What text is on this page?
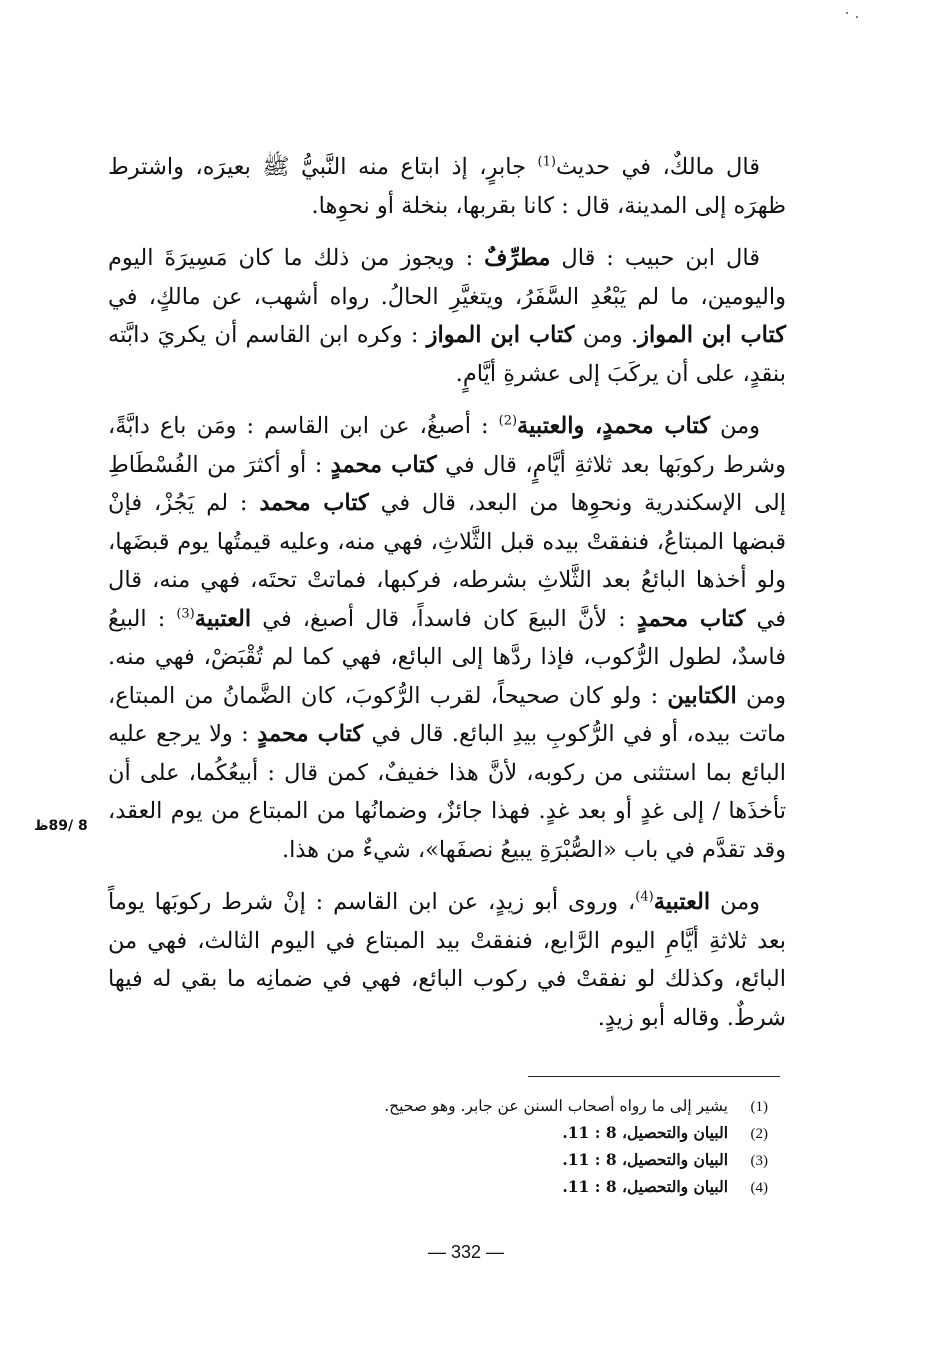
قال مالكٌ، في حديث$^{(1)}$ جابرٍ، إذ ابتاع منه النَّبيُّ ﷺ بعيرَه، واشترط ظهرَه إلى المدينة، قال : كانا بقربها، بنخلة أو نحوِها.

قال ابن حبيب : قال مطرِّفٌ : ويجوز من ذلك ما كان مَسِيرَةَ اليوم واليومين، ما لم يَبْعُدِ السَّفَرُ، ويتغيَّرِ الحالُ. رواه أشهب، عن مالكٍ، في كتاب ابن المواز. ومن كتاب ابن المواز : وكره ابن القاسم أن يكريَ دابَّته بنقدٍ، على أن يركَبَ إلى عشرةِ أيَّامٍ.

ومن كتاب محمدٍ، والعتبية$^{(2)}$ : أصبغُ، عن ابن القاسم : ومَن باع دابَّةً، وشرط ركوبَها بعد ثلاثةِ أيَّامٍ، قال في كتاب محمدٍ : أو أكثرَ من الفُسْطَاطِ إلى الإسكندرية ونحوِها من البعد، قال في كتاب محمد : لم يَجُزْ، فإنْ قبضها المبتاعُ، فنفقتْ بيده قبل الثَّلاثِ، فهي منه، وعليه قيمتُها يوم قبضَها، ولو أخذها البائعُ بعد الثَّلاثِ بشرطه، فركبها، فماتتْ تحتَه، فهي منه، قال في كتاب محمدٍ : لأنَّ البيعَ كان فاسداً، قال أصبغ، في العتبية$^{(3)}$ : البيعُ فاسدٌ، لطول الرُّكوب، فإذا ردَّها إلى البائع، فهي كما لم تُقْبَضْ، فهي منه. ومن الكتابين : ولو كان صحيحاً، لقرب الرُّكوبَ، كان الضَّمانُ من المبتاع، ماتت بيده، أو في الرُّكوبِ بيدِ البائع. قال في كتاب محمدٍ : ولا يرجع عليه البائع بما استثنى من ركوبه، لأنَّ هذا خفيفٌ، كمن قال : أبيعُكُما، على أن تأخذَها / إلى غدٍ أو بعد غدٍ. فهذا جائزٌ، وضمانُها من المبتاع من يوم العقد، وقد تقدَّم في باب «الصُّبْرَةِ يبيعُ نصفَها»، شيءٌ من هذا.

ومن العتبية$^{(4)}$، وروى أبو زيدٍ، عن ابن القاسم : إنْ شرط ركوبَها يوماً بعد ثلاثةِ أيَّامِ اليوم الرَّابع، فنفقتْ بيد المبتاع في اليوم الثالث، فهي من البائع، وكذلك لو نفقتْ في ركوب البائع، فهي في ضمانِه ما بقي له فيها شرطٌ. وقاله أبو زيدٍ.

8 /89ظ
(1)
يشير إلى ما رواه أصحاب السنن عن جابر. وهو صحيح.
(2)
البيان والتحصيل، 8 : 11.
(3)
البيان والتحصيل، 8 : 11.
(4)
البيان والتحصيل، 8 : 11.
— 332 —
